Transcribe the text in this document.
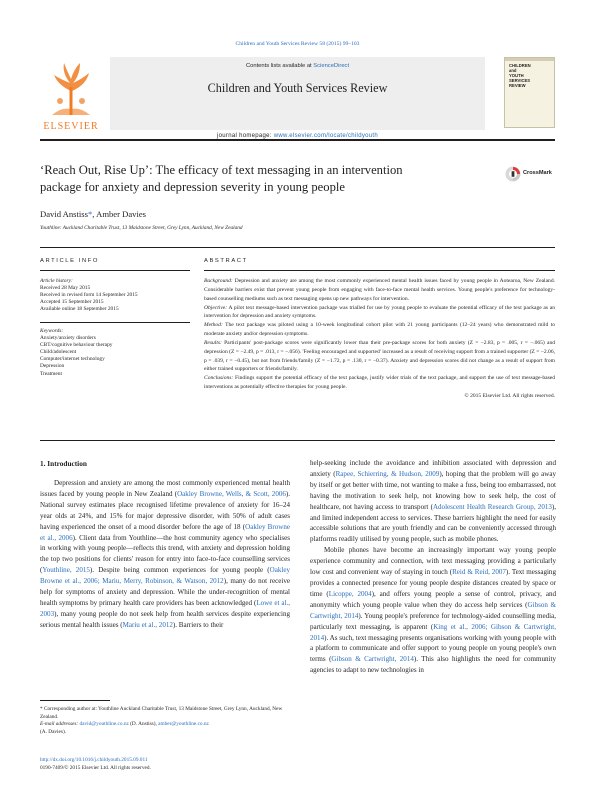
Children and Youth Services Review 58 (2015) 99–103
ELSEVIER
Contents lists available at ScienceDirect
Children and Youth Services Review
journal homepage: www.elsevier.com/locate/childyouth
CHILDREN
and
YOUTH
SERVICES
REVIEW
‘Reach Out, Rise Up’: The efficacy of text messaging in an intervention
package for anxiety and depression severity in young people
CrossMark
David Anstiss*, Amber Davies
Youthline: Auckland Charitable Trust, 13 Maidstone Street, Grey Lynn, Auckland, New Zealand
ARTICLE INFO	ABSTRACT
Article history:
Received 28 May 2015
Received in revised form 14 September 2015
Accepted 15 September 2015
Available online 18 September 2015
Keywords:
Anxiety/anxiety disorders
CBT/cognitive behaviour therapy
Child/adolescent
Computer/internet technology
Depression
Treatment
Background: Depression and anxiety are among the most commonly experienced mental health issues faced by young people in Aotearoa, New Zealand. Considerable barriers exist that prevent young people from engaging with face-to-face mental health services. Young people's preference for technology-based counselling mediums such as text messaging opens up new pathways for intervention.
Objective: A pilot text message-based intervention package was trialled for use by young people to evaluate the potential efficacy of the text package as an intervention for depression and anxiety symptoms.
Method: The text package was piloted using a 10-week longitudinal cohort pilot with 21 young participants (12–24 years) who demonstrated mild to moderate anxiety and/or depression symptoms.
Results: Participants' post-package scores were significantly lower than their pre-package scores for both anxiety (Z = −2.83, p = .005, r = −.065) and depression (Z = −2.49, p = .013, r = −.056). 'Feeling encouraged and supported' increased as a result of receiving support from a trained supporter (Z = −2.06, p = .039, r = −0.45), but not from friends/family (Z = −1.72, p = .130, r = −0.37). Anxiety and depression scores did not change as a result of support from either trained supporters or friends/family.
Conclusions: Findings support the potential efficacy of the text package, justify wider trials of the text package, and support the use of text message-based interventions as potentially effective therapies for young people.
© 2015 Elsevier Ltd. All rights reserved.
1. Introduction

Depression and anxiety are among the most commonly experienced mental health issues faced by young people in New Zealand (Oakley Browne, Wells, & Scott, 2006). National survey estimates place recognised lifetime prevalence of anxiety for 16–24 year olds at 24%, and 15% for major depressive disorder, with 50% of adult cases having experienced the onset of a mood disorder before the age of 18 (Oakley Browne et al., 2006). Client data from Youthline—the host community agency who specialises in working with young people—reflects this trend, with anxiety and depression holding the top two positions for clients' reason for entry into face-to-face counselling services (Youthline, 2015). Despite being common experiences for young people (Oakley Browne et al., 2006; Mariu, Merry, Robinson, & Watson, 2012), many do not receive help for symptoms of anxiety and depression. While the under-recognition of mental health symptoms by primary health care providers has been acknowledged (Lowe et al., 2003), many young people do not seek help from health services despite experiencing serious mental health issues (Mariu et al., 2012). Barriers to their

help-seeking include the avoidance and inhibition associated with depression and anxiety (Rapee, Schierring, & Hudson, 2009), hoping that the problem will go away by itself or get better with time, not wanting to make a fuss, being too embarrassed, not having the motivation to seek help, not knowing how to seek help, the cost of healthcare, not having access to transport (Adolescent Health Research Group, 2013), and limited independent access to services. These barriers highlight the need for easily accessible solutions that are youth friendly and can be conveniently accessed through platforms readily utilised by young people, such as mobile phones.

Mobile phones have become an increasingly important way young people experience community and connection, with text messaging providing a particularly low cost and convenient way of staying in touch (Reid & Reid, 2007). Text messaging provides a connected presence for young people despite distances created by space or time (Licoppe, 2004), and offers young people a sense of control, privacy, and anonymity which young people value when they do access help services (Gibson & Cartwright, 2014). Young people's preference for technology-aided counselling media, particularly text messaging, is apparent (King et al., 2006; Gibson & Cartwright, 2014). As such, text messaging presents organisations working with young people with a platform to communicate and offer support to young people on young people's own terms (Gibson & Cartwright, 2014). This also highlights the need for community agencies to adapt to new technologies in

* Corresponding author at: Youthline Auckland Charitable Trust, 13 Maidstone Street, Grey Lynn, Auckland, New Zealand.
E-mail addresses: david@youthline.co.nz (D. Anstiss), amber@youthline.co.nz
(A. Davies).
http://dx.doi.org/10.1016/j.childyouth.2015.09.011
0190-7409/© 2015 Elsevier Ltd. All rights reserved.
